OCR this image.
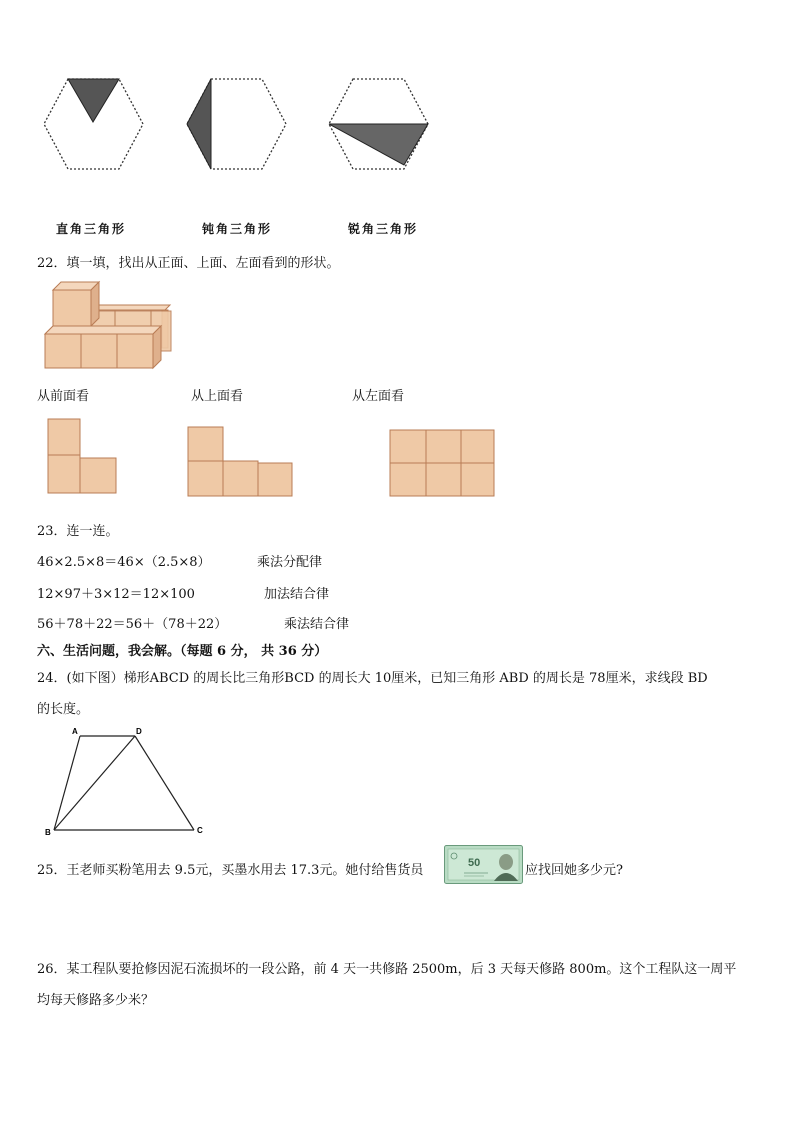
直角三角形	钝角三角形	锐角三角形
22．填一填，找出从正面、上面、左面看到的形状。
从前面看	从上面看	从左面看
23．连一连。
46×2.5×8＝46×（2.5×8）	乘法分配律
12×97＋3×12＝12×100	加法结合律
56＋78＋22＝56＋（78＋22）	乘法结合律
六、生活问题，我会解。（每题 6 分， 共 36 分）
24．(如下图）梯形ABCD 的周长比三角形BCD 的周长大 10厘米，已知三角形 ABD 的周长是 78厘米，求线段 BD
的长度。
A	D
B	C
25．王老师买粉笔用去 9.5元，买墨水用去 17.3元。她付给售货员	50	应找回她多少元?
26．某工程队要抢修因泥石流损坏的一段公路，前 4 天一共修路 2500m，后 3 天每天修路 800m。这个工程队这一周平
均每天修路多少米？
